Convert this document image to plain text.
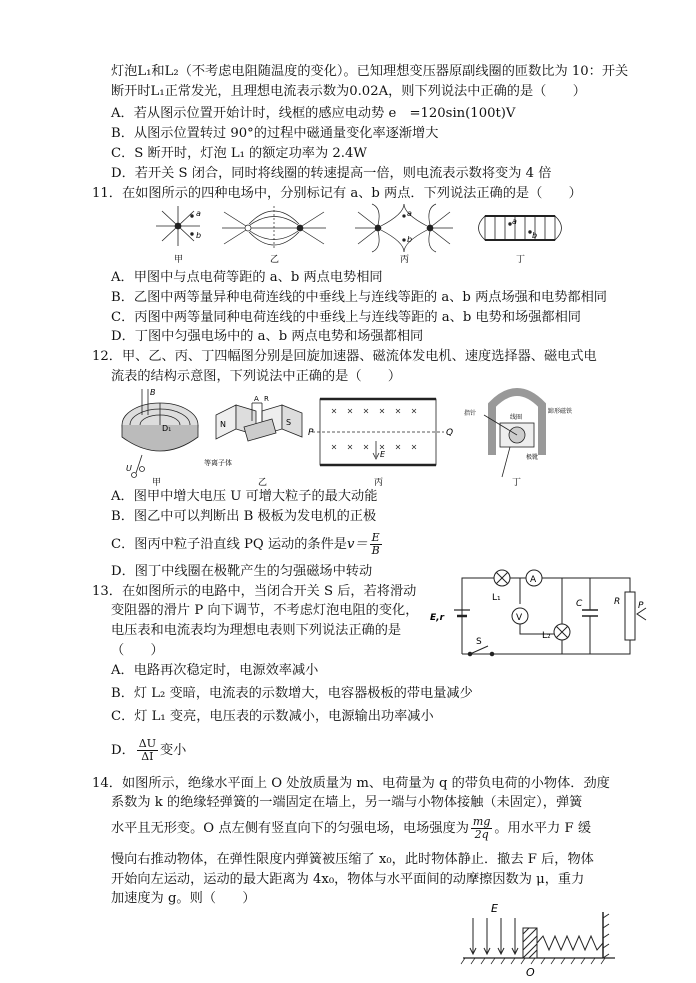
灯泡L₁和L₂（不考虑电阻随温度的变化）。已知理想变压器原副线圈的匝数比为 10：开关
断开时L₁正常发光，且理想电流表示数为0.02A，则下列说法中正确的是（　　）
A．若从图示位置开始计时，线框的感应电动势 e　=120sin(100t)V
B．从图示位置转过 90°的过程中磁通量变化率逐渐增大
C．S 断开时，灯泡 L₁ 的额定功率为 2.4W
D．若开关 S 闭合，同时将线圈的转速提高一倍，则电流表示数将变为 4 倍
11．在如图所示的四种电场中，分别标记有 a、b 两点．下列说法正确的是（　　）
a
b
a
b
a
b
甲	乙	丙	丁
A．甲图中与点电荷等距的 a、b 两点电势相同
B．乙图中两等量异种电荷连线的中垂线上与连线等距的 a、b 两点场强和电势都相同
C．丙图中两等量同种电荷连线的中垂线上与连线等距的 a、b 电势和场强都相同
D．丁图中匀强电场中的 a、b 两点电势和场强都相同
12．甲、乙、丙、丁四幅图分别是回旋加速器、磁流体发电机、速度选择器、磁电式电
流表的结构示意图，下列说法中正确的是（　　）
B
D₁
U
N	S
A R
等离子体
P	Q
E
线圈
指针	蹄形磁铁
极靴
甲	乙	丙	丁
A．图甲中增大电压 U 可增大粒子的最大动能
B．图乙中可以判断出 B 极板为发电机的正极
C．图丙中粒子沿直线 PQ 运动的条件是$v= \frac{E}{B}$
D．图丁中线圈在极靴产生的匀强磁场中转动
13．在如图所示的电路中，当闭合开关 S 后，若将滑动
变阻器的滑片 P 向下调节，不考虑灯泡电阻的变化，
电压表和电流表均为理想电表则下列说法正确的是
（　　）
E,r
L₁
A
V
L₂
C	R P
S
A．电路再次稳定时，电源效率减小
B．灯 L₂ 变暗，电流表的示数增大，电容器极板的带电量减少
C．灯 L₁ 变亮，电压表的示数减小，电源输出功率减小
D． $\frac{\Delta U}{\Delta I}$ 变小
14．如图所示，绝缘水平面上 O 处放质量为 m、电荷量为 q 的带负电荷的小物体．劲度
系数为 k 的绝缘轻弹簧的一端固定在墙上，另一端与小物体接触（未固定），弹簧
水平且无形变。O 点左侧有竖直向下的匀强电场，电场强度为 $\frac{mg}{2q}$ 。用水平力 F 缓
慢向右推动物体，在弹性限度内弹簧被压缩了 x₀，此时物体静止．撤去 F 后，物体
开始向左运动，运动的最大距离为 4x₀，物体与水平面间的动摩擦因数为 μ，重力
加速度为 g。则（　　）
E
O
